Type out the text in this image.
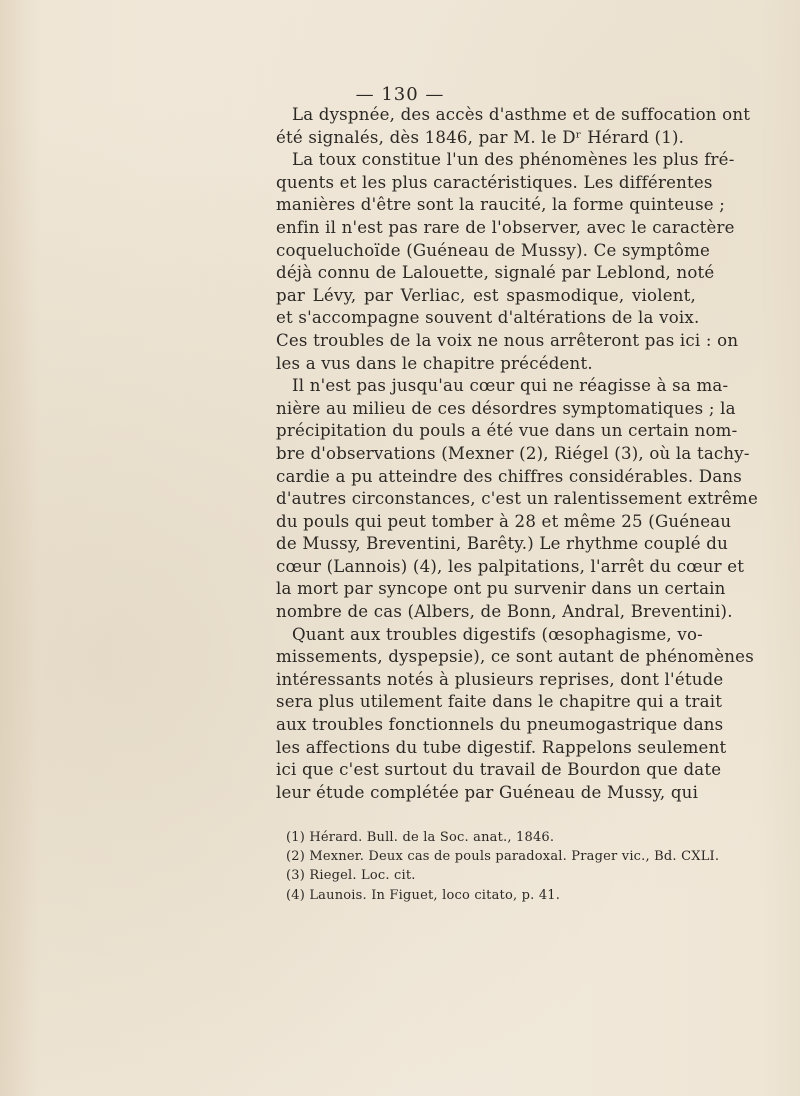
— 130 —
La dyspnée, des accès d'asthme et de suffocation ont
été signalés, dès 1846, par M. le Dʳ Hérard (1).
La toux constitue l'un des phénomènes les plus fré-
quents et les plus caractéristiques. Les différentes
manières d'être sont la raucité, la forme quinteuse ;
enfin il n'est pas rare de l'observer, avec le caractère
coqueluchoïde (Guéneau de Mussy). Ce symptôme
déjà connu de Lalouette, signalé par Leblond, noté
par Lévy, par Verliac, est spasmodique, violent,
et s'accompagne souvent d'altérations de la voix.
Ces troubles de la voix ne nous arrêteront pas ici : on
les a vus dans le chapitre précédent.
Il n'est pas jusqu'au cœur qui ne réagisse à sa ma-
nière au milieu de ces désordres symptomatiques ; la
précipitation du pouls a été vue dans un certain nom-
bre d'observations (Mexner (2), Riégel (3), où la tachy-
cardie a pu atteindre des chiffres considérables. Dans
d'autres circonstances, c'est un ralentissement extrême
du pouls qui peut tomber à 28 et même 25 (Guéneau
de Mussy, Breventini, Barêty.) Le rhythme couplé du
cœur (Lannois) (4), les palpitations, l'arrêt du cœur et
la mort par syncope ont pu survenir dans un certain
nombre de cas (Albers, de Bonn, Andral, Breventini).
Quant aux troubles digestifs (œsophagisme, vo-
missements, dyspepsie), ce sont autant de phénomènes
intéressants notés à plusieurs reprises, dont l'étude
sera plus utilement faite dans le chapitre qui a trait
aux troubles fonctionnels du pneumogastrique dans
les affections du tube digestif. Rappelons seulement
ici que c'est surtout du travail de Bourdon que date
leur étude complétée par Guéneau de Mussy, qui
(1) Hérard. Bull. de la Soc. anat., 1846.
(2) Mexner. Deux cas de pouls paradoxal. Prager vic., Bd. CXLI.
(3) Riegel. Loc. cit.
(4) Launois. In Figuet, loco citato, p. 41.
